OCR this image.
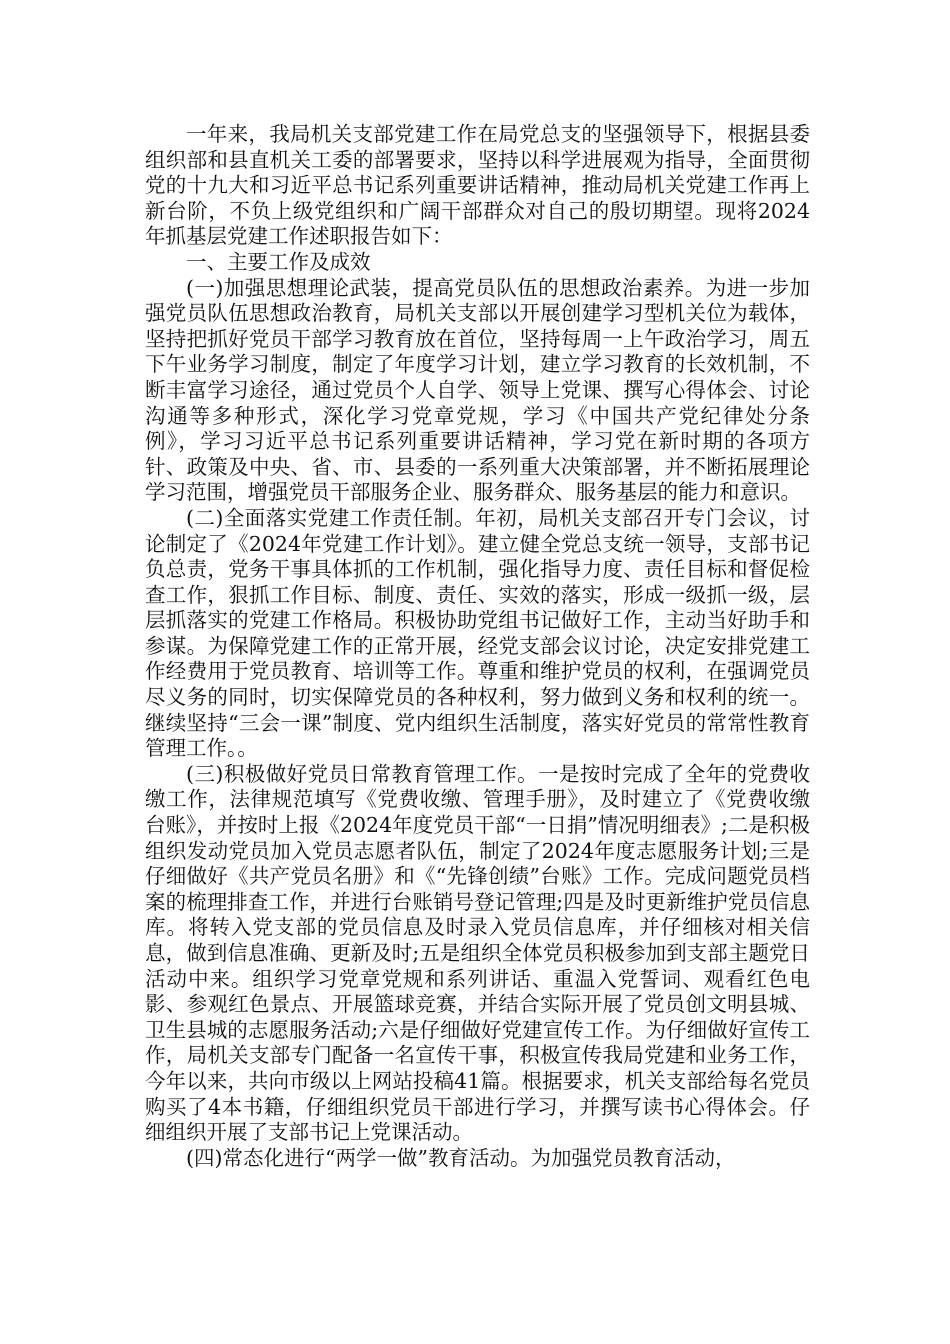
一年来，我局机关支部党建工作在局党总支的坚强领导下，根据县委组织部和县直机关工委的部署要求，坚持以科学进展观为指导，全面贯彻党的十九大和习近平总书记系列重要讲话精神，推动局机关党建工作再上新台阶，不负上级党组织和广阔干部群众对自己的殷切期望。现将2024年抓基层党建工作述职报告如下：

一、主要工作及成效

(一)加强思想理论武装，提高党员队伍的思想政治素养。为进一步加强党员队伍思想政治教育，局机关支部以开展创建学习型机关位为载体，坚持把抓好党员干部学习教育放在首位，坚持每周一上午政治学习，周五下午业务学习制度，制定了年度学习计划，建立学习教育的长效机制，不断丰富学习途径，通过党员个人自学、领导上党课、撰写心得体会、讨论沟通等多种形式，深化学习党章党规，学习《中国共产党纪律处分条例》，学习习近平总书记系列重要讲话精神，学习党在新时期的各项方针、政策及中央、省、市、县委的一系列重大决策部署，并不断拓展理论学习范围，增强党员干部服务企业、服务群众、服务基层的能力和意识。

(二)全面落实党建工作责任制。年初，局机关支部召开专门会议，讨论制定了《2024年党建工作计划》。建立健全党总支统一领导，支部书记负总责，党务干事具体抓的工作机制，强化指导力度、责任目标和督促检查工作，狠抓工作目标、制度、责任、实效的落实，形成一级抓一级，层层抓落实的党建工作格局。积极协助党组书记做好工作，主动当好助手和参谋。为保障党建工作的正常开展，经党支部会议讨论，决定安排党建工作经费用于党员教育、培训等工作。尊重和维护党员的权利，在强调党员尽义务的同时，切实保障党员的各种权利，努力做到义务和权利的统一。继续坚持“三会一课”制度、党内组织生活制度，落实好党员的常常性教育管理工作。。

(三)积极做好党员日常教育管理工作。一是按时完成了全年的党费收缴工作，法律规范填写《党费收缴、管理手册》，及时建立了《党费收缴台账》，并按时上报《2024年度党员干部“一日捐”情况明细表》;二是积极组织发动党员加入党员志愿者队伍，制定了2024年度志愿服务计划;三是仔细做好《共产党员名册》和《“先锋创绩”台账》工作。完成问题党员档案的梳理排查工作，并进行台账销号登记管理;四是及时更新维护党员信息库。将转入党支部的党员信息及时录入党员信息库，并仔细核对相关信息，做到信息准确、更新及时;五是组织全体党员积极参加到支部主题党日活动中来。组织学习党章党规和系列讲话、重温入党誓词、观看红色电影、参观红色景点、开展篮球竞赛，并结合实际开展了党员创文明县城、卫生县城的志愿服务活动;六是仔细做好党建宣传工作。为仔细做好宣传工作，局机关支部专门配备一名宣传干事，积极宣传我局党建和业务工作，今年以来，共向市级以上网站投稿41篇。根据要求，机关支部给每名党员购买了4本书籍，仔细组织党员干部进行学习，并撰写读书心得体会。仔细组织开展了支部书记上党课活动。

(四)常态化进行“两学一做”教育活动。为加强党员教育活动，
